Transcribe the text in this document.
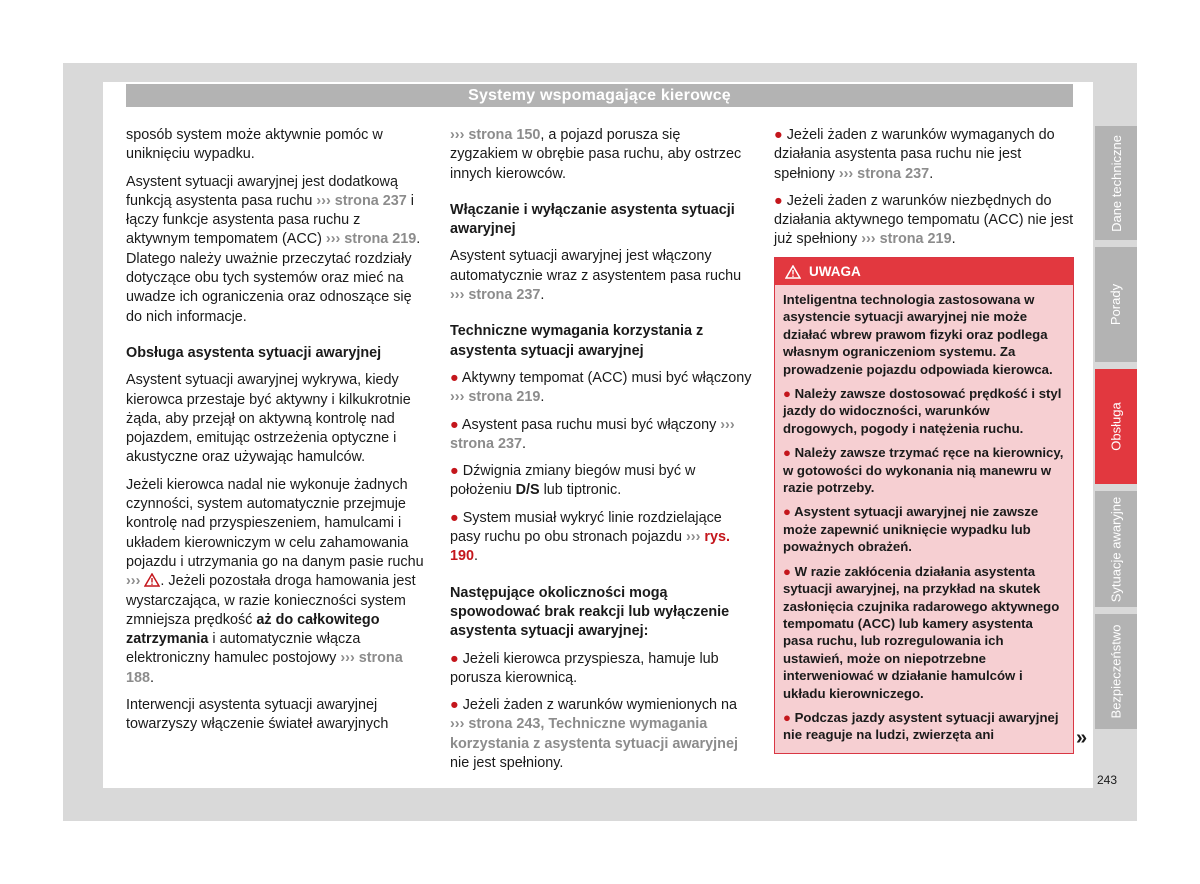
Systemy wspomagające kierowcę

sposób system może aktywnie pomóc w uniknięciu wypadku.

Asystent sytuacji awaryjnej jest dodatkową funkcją asystenta pasa ruchu ››› strona 237 i łączy funkcje asystenta pasa ruchu z aktywnym tempomatem (ACC) ››› strona 219. Dlatego należy uważnie przeczytać rozdziały dotyczące obu tych systemów oraz mieć na uwadze ich ograniczenia oraz odnoszące się do nich informacje.

Obsługa asystenta sytuacji awaryjnej

Asystent sytuacji awaryjnej wykrywa, kiedy kierowca przestaje być aktywny i kilkukrotnie żąda, aby przejął on aktywną kontrolę nad pojazdem, emitując ostrzeżenia optyczne i akustyczne oraz używając hamulców.

Jeżeli kierowca nadal nie wykonuje żadnych czynności, system automatycznie przejmuje kontrolę nad przyspieszeniem, hamulcami i układem kierowniczym w celu zahamowania pojazdu i utrzymania go na danym pasie ruchu ››› . Jeżeli pozostała droga hamowania jest wystarczająca, w razie konieczności system zmniejsza prędkość aż do całkowitego zatrzymania i automatycznie włącza elektroniczny hamulec postojowy ››› strona 188.

Interwencji asystenta sytuacji awaryjnej towarzyszy włączenie świateł awaryjnych

››› strona 150, a pojazd porusza się zygzakiem w obrębie pasa ruchu, aby ostrzec innych kierowców.

Włączanie i wyłączanie asystenta sytuacji awaryjnej

Asystent sytuacji awaryjnej jest włączony automatycznie wraz z asystentem pasa ruchu ››› strona 237.

Techniczne wymagania korzystania z asystenta sytuacji awaryjnej

● Aktywny tempomat (ACC) musi być włączony ››› strona 219.

● Asystent pasa ruchu musi być włączony ››› strona 237.

● Dźwignia zmiany biegów musi być w położeniu D/S lub tiptronic.

● System musiał wykryć linie rozdzielające pasy ruchu po obu stronach pojazdu ››› rys. 190.

Następujące okoliczności mogą spowodować brak reakcji lub wyłączenie asystenta sytuacji awaryjnej:

● Jeżeli kierowca przyspiesza, hamuje lub porusza kierownicą.

● Jeżeli żaden z warunków wymienionych na ››› strona 243, Techniczne wymagania korzystania z asystenta sytuacji awaryjnej nie jest spełniony.

● Jeżeli żaden z warunków wymaganych do działania asystenta pasa ruchu nie jest spełniony ››› strona 237.

● Jeżeli żaden z warunków niezbędnych do działania aktywnego tempomatu (ACC) nie jest już spełniony ››› strona 219.

UWAGA

Inteligentna technologia zastosowana w asystencie sytuacji awaryjnej nie może działać wbrew prawom fizyki oraz podlega własnym ograniczeniom systemu. Za prowadzenie pojazdu odpowiada kierowca.

● Należy zawsze dostosować prędkość i styl jazdy do widoczności, warunków drogowych, pogody i natężenia ruchu.

● Należy zawsze trzymać ręce na kierownicy, w gotowości do wykonania nią manewru w razie potrzeby.

● Asystent sytuacji awaryjnej nie zawsze może zapewnić uniknięcie wypadku lub poważnych obrażeń.

● W razie zakłócenia działania asystenta sytuacji awaryjnej, na przykład na skutek zasłonięcia czujnika radarowego aktywnego tempomatu (ACC) lub kamery asystenta pasa ruchu, lub rozregulowania ich ustawień, może on niepotrzebne interweniować w działanie hamulców i układu kierowniczego.

● Podczas jazdy asystent sytuacji awaryjnej nie reaguje na ludzi, zwierzęta ani	»
Dane techniczne
Porady
Obsługa
Sytuacje awaryjne
Bezpieczeństwo
243
